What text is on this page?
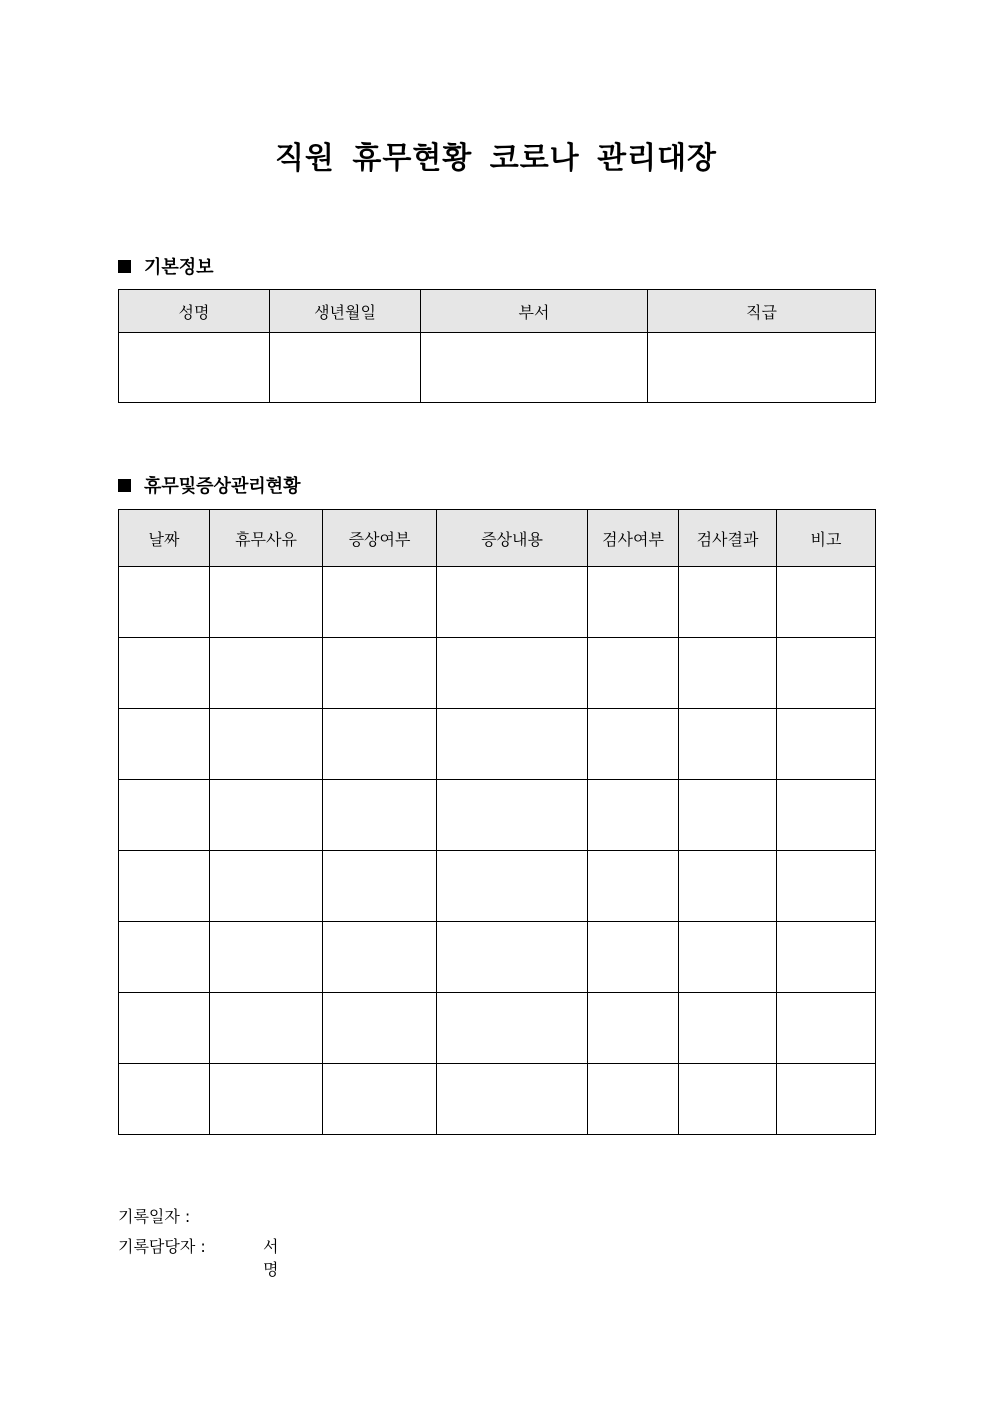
직원 휴무현황 코로나 관리대장
기본정보
성명	생년월일	부서	직급

휴무및증상관리현황
날짜	휴무사유	증상여부	증상내용	검사여부	검사결과	비고

기록일자 :
기록담당자 :	서명
